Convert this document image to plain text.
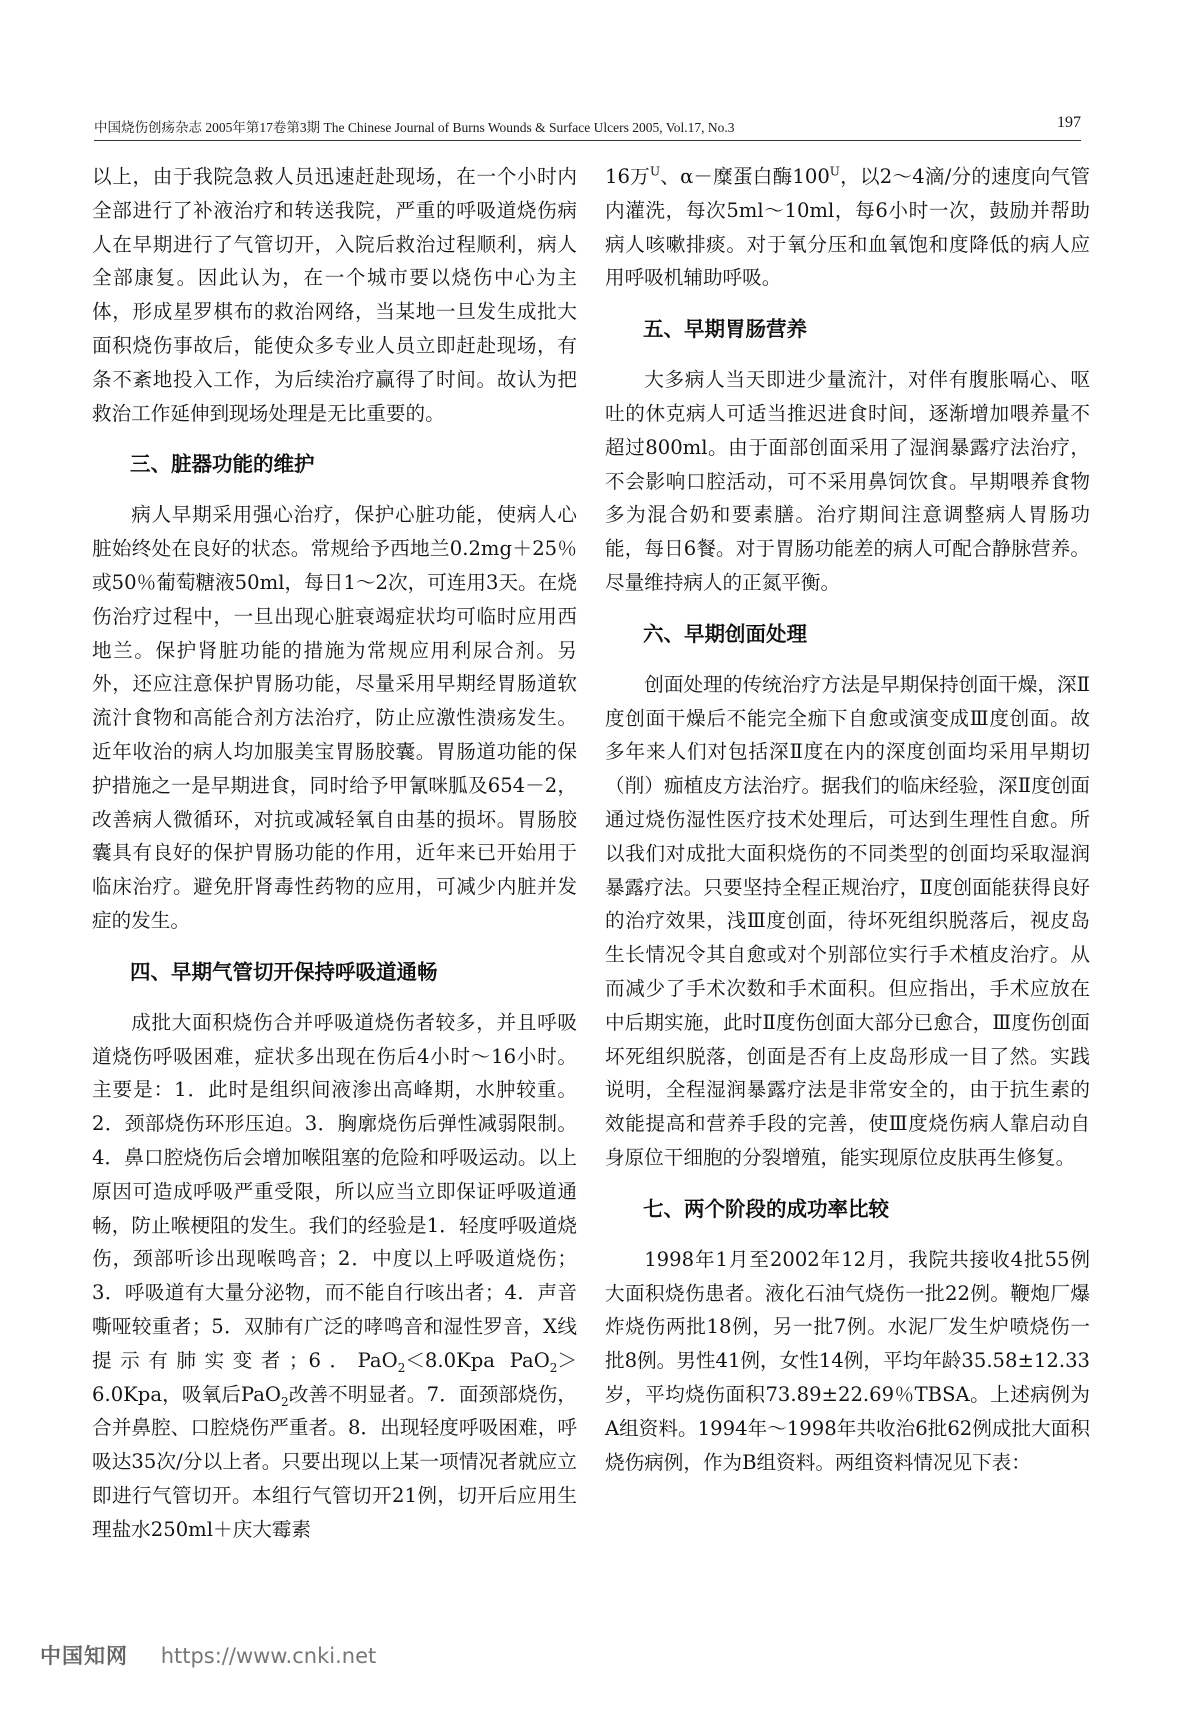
中国烧伤创疡杂志 2005年第17卷第3期 The Chinese Journal of Burns Wounds & Surface Ulcers 2005, Vol.17, No.3	197

以上，由于我院急救人员迅速赶赴现场，在一个小时内全部进行了补液治疗和转送我院，严重的呼吸道烧伤病人在早期进行了气管切开，入院后救治过程顺利，病人全部康复。因此认为，在一个城市要以烧伤中心为主体，形成星罗棋布的救治网络，当某地一旦发生成批大面积烧伤事故后，能使众多专业人员立即赶赴现场，有条不紊地投入工作，为后续治疗赢得了时间。故认为把救治工作延伸到现场处理是无比重要的。

三、脏器功能的维护

病人早期采用强心治疗，保护心脏功能，使病人心脏始终处在良好的状态。常规给予西地兰0.2mg＋25％或50％葡萄糖液50ml，每日1～2次，可连用3天。在烧伤治疗过程中，一旦出现心脏衰竭症状均可临时应用西地兰。保护肾脏功能的措施为常规应用利尿合剂。另外，还应注意保护胃肠功能，尽量采用早期经胃肠道软流汁食物和高能合剂方法治疗，防止应激性溃疡发生。近年收治的病人均加服美宝胃肠胶囊。胃肠道功能的保护措施之一是早期进食，同时给予甲氰咪胍及654－2，改善病人微循环，对抗或减轻氧自由基的损坏。胃肠胶囊具有良好的保护胃肠功能的作用，近年来已开始用于临床治疗。避免肝肾毒性药物的应用，可减少内脏并发症的发生。

四、早期气管切开保持呼吸道通畅

成批大面积烧伤合并呼吸道烧伤者较多，并且呼吸道烧伤呼吸困难，症状多出现在伤后4小时～16小时。主要是：1．此时是组织间液渗出高峰期，水肿较重。2．颈部烧伤环形压迫。3．胸廓烧伤后弹性减弱限制。4．鼻口腔烧伤后会增加喉阻塞的危险和呼吸运动。以上原因可造成呼吸严重受限，所以应当立即保证呼吸道通畅，防止喉梗阻的发生。我们的经验是1．轻度呼吸道烧伤，颈部听诊出现喉鸣音；2．中度以上呼吸道烧伤；3．呼吸道有大量分泌物，而不能自行咳出者；4．声音嘶哑较重者；5．双肺有广泛的哮鸣音和湿性罗音，X线提示有肺实变者；6．PaO$_2$＜8.0Kpa PaO$_2$＞6.0Kpa，吸氧后PaO$_2$改善不明显者。7．面颈部烧伤，合并鼻腔、口腔烧伤严重者。8．出现轻度呼吸困难，呼吸达35次/分以上者。只要出现以上某一项情况者就应立即进行气管切开。本组行气管切开21例，切开后应用生理盐水250ml＋庆大霉素

16万$^U$、α－糜蛋白酶$100^U$，以2～4滴/分的速度向气管内灌洗，每次5ml～10ml，每6小时一次，鼓励并帮助病人咳嗽排痰。对于氧分压和血氧饱和度降低的病人应用呼吸机辅助呼吸。

五、早期胃肠营养

大多病人当天即进少量流汁，对伴有腹胀嗝心、呕吐的休克病人可适当推迟进食时间，逐渐增加喂养量不超过800ml。由于面部创面采用了湿润暴露疗法治疗，不会影响口腔活动，可不采用鼻饲饮食。早期喂养食物多为混合奶和要素膳。治疗期间注意调整病人胃肠功能，每日6餐。对于胃肠功能差的病人可配合静脉营养。尽量维持病人的正氮平衡。

六、早期创面处理

创面处理的传统治疗方法是早期保持创面干燥，深Ⅱ度创面干燥后不能完全痂下自愈或演变成Ⅲ度创面。故多年来人们对包括深Ⅱ度在内的深度创面均采用早期切（削）痂植皮方法治疗。据我们的临床经验，深Ⅱ度创面通过烧伤湿性医疗技术处理后，可达到生理性自愈。所以我们对成批大面积烧伤的不同类型的创面均采取湿润暴露疗法。只要坚持全程正规治疗，Ⅱ度创面能获得良好的治疗效果，浅Ⅲ度创面，待坏死组织脱落后，视皮岛生长情况令其自愈或对个别部位实行手术植皮治疗。从而减少了手术次数和手术面积。但应指出，手术应放在中后期实施，此时Ⅱ度伤创面大部分已愈合，Ⅲ度伤创面坏死组织脱落，创面是否有上皮岛形成一目了然。实践说明，全程湿润暴露疗法是非常安全的，由于抗生素的效能提高和营养手段的完善，使Ⅲ度烧伤病人靠启动自身原位干细胞的分裂增殖，能实现原位皮肤再生修复。

七、两个阶段的成功率比较

1998年1月至2002年12月，我院共接收4批55例大面积烧伤患者。液化石油气烧伤一批22例。鞭炮厂爆炸烧伤两批18例，另一批7例。水泥厂发生炉喷烧伤一批8例。男性41例，女性14例，平均年龄35.58±12.33岁，平均烧伤面积73.89±22.69％TBSA。上述病例为A组资料。1994年～1998年共收治6批62例成批大面积烧伤病例，作为B组资料。两组资料情况见下表：

中国知网 https://www.cnki.net
